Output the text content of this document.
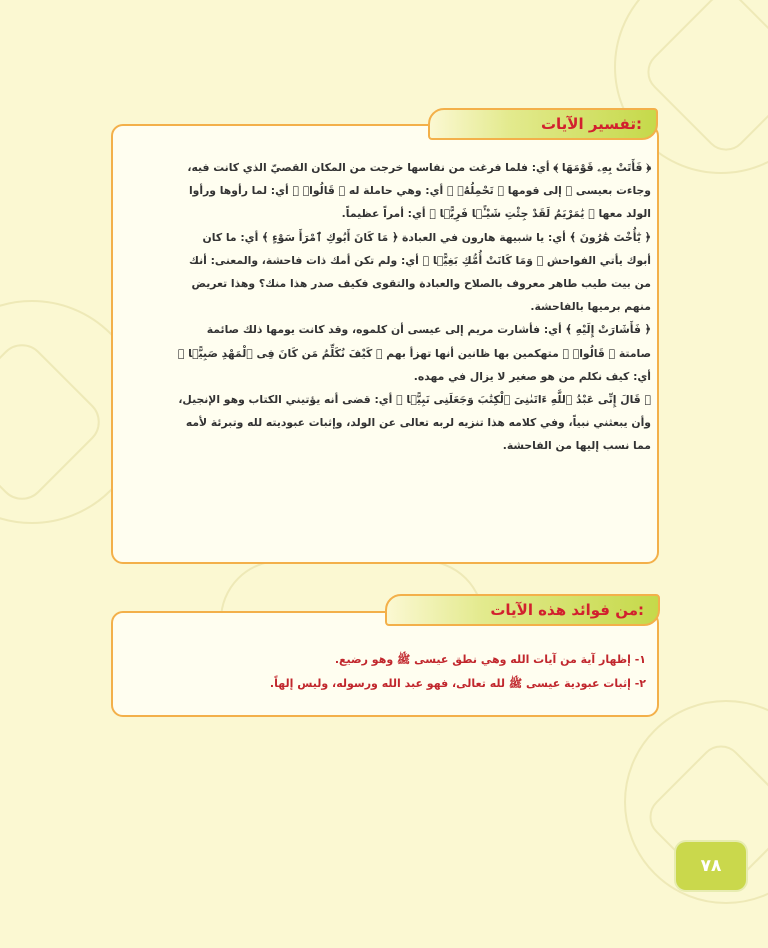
تفسير الآيات:

﴿ فَأَتَتْ بِهِۦ قَوْمَهَا ﴾ أي: فلما فرغت من نفاسها خرجت من المكان القصيّ الذي كانت فيه،

وجاءت بعيسى ﷺ إلى قومها ﴿ تَحْمِلُهُۥ ﴾ أي: وهي حاملة له ﴿ قَالُوا۟ ﴾ أي: لما رأوها ورأوا

الولد معها ﴿ يَٰمَرْيَمُ لَقَدْ جِئْتِ شَيْـًۭٔا فَرِيًّۭا ﴾ أي: أمراً عظيماً.

﴿ يَٰٓأُخْتَ هَٰرُونَ ﴾ أي: يا شبيهة هارون في العبادة ﴿ مَا كَانَ أَبُوكِ ٱمْرَأَ سَوْءٍ ﴾ أي: ما كان

أبوك يأتي الفواحش ﴿ وَمَا كَانَتْ أُمُّكِ بَغِيًّۭا ﴾ أي: ولم تكن أمك ذات فاحشة، والمعنى: أنك

من بيت طيب طاهر معروف بالصلاح والعبادة والتقوى فكيف صدر هذا منك؟ وهذا تعريض

منهم برميها بالفاحشة.

﴿ فَأَشَارَتْ إِلَيْهِ ﴾ أي: فأشارت مريم إلى عيسى أن كلموه، وقد كانت يومها ذلك صائمة

صامتة ﴿ قَالُوا۟ ﴾ متهكمين بها ظانين أنها تهزأ بهم ﴿ كَيْفَ نُكَلِّمُ مَن كَانَ فِى ٱلْمَهْدِ صَبِيًّۭا ﴾

أي: كيف نكلم من هو صغير لا يزال في مهده.

﴿ قَالَ إِنِّى عَبْدُ ٱللَّهِ ءَاتَىٰنِىَ ٱلْكِتَٰبَ وَجَعَلَنِى نَبِيًّۭا ﴾ أي: قضى أنه يؤتيني الكتاب وهو الإنجيل،

وأن يبعثني نبياً، وفي كلامه هذا تنزيه لربه تعالى عن الولد، وإثبات عبوديته لله وتبرئة لأمه

مما نسب إليها من الفاحشة.

من فوائد هذه الآيات:

١- إظهار آية من آيات الله وهي نطق عيسى ﷺ وهو رضيع.

٢- إثبات عبودية عيسى ﷺ لله تعالى، فهو عبد الله ورسوله، وليس إلهاً.

٧٨
